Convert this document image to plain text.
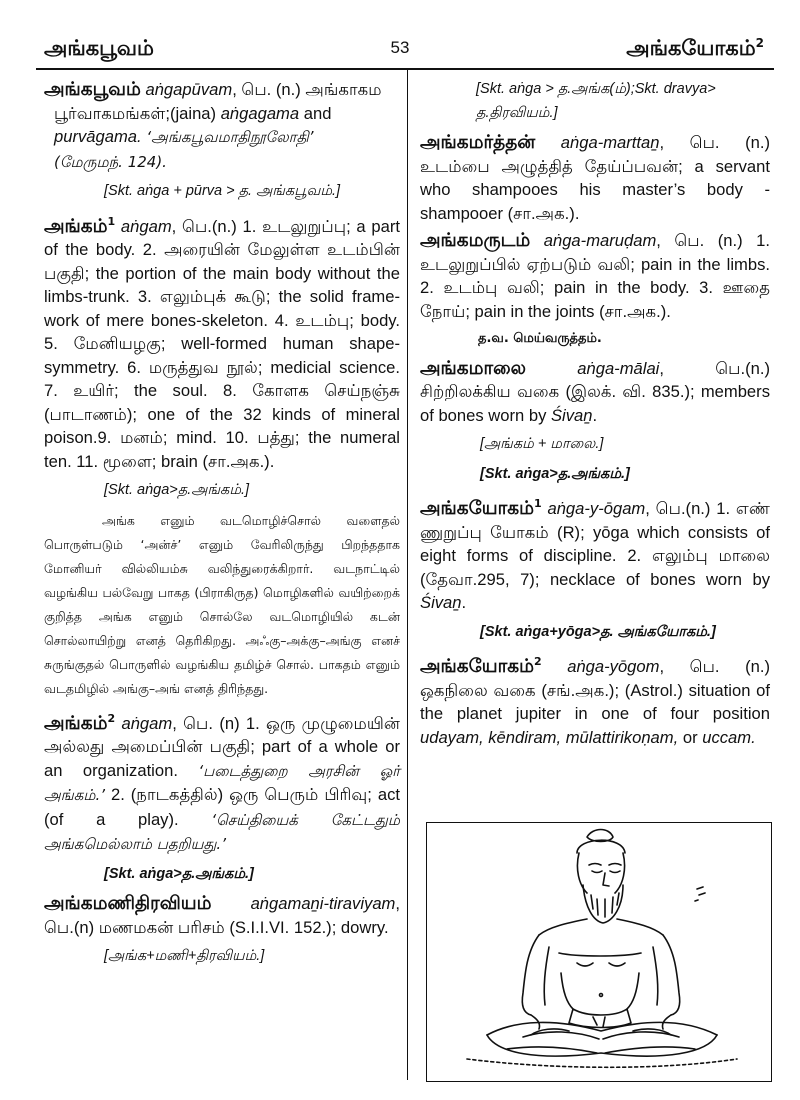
அங்கபூவம்	53	அங்கயோகம்$^2$
அங்கபூவம் aṅgapūvam, பெ. (n.) அங்காகம
பூர்வாகமங்கள்;(jaina) aṅgagama and
purvāgama. ‘அங்கபூவமாதிநூலோதி’
(மேருமந். 124).
[Skt. aṅga + pūrva > த. அங்கபூவம்.]
அங்கம்$^1$ aṅgam, பெ.(n.) 1. உடலுறுப்பு; a part of the body. 2. அரையின் மேலுள்ள உடம்பின் பகுதி; the portion of the main body without the limbs-trunk. 3. எலும்புக் கூடு; the solid frame-work of mere bones-skeleton. 4. உடம்பு; body. 5. மேனியழகு; well-formed human shape-symmetry. 6. மருத்துவ நூல்; medicial science. 7. உயிர்; the soul. 8. கோளக செய்நஞ்சு (பாடாணம்); one of the 32 kinds of mineral poison.9. மனம்; mind. 10. பத்து; the numeral ten. 11. மூளை; brain (சா.அக.).
[Skt. aṅga>த.அங்கம்.]
அங்க எனும் வடமொழிச்சொல் வளைதல் பொருள்படும் ‘அன்ச்’ எனும் வேரிலிருந்து பிறந்ததாக மோனியர் வில்லியம்சு வலிந்துரைக்கிறார். வடநாட்டில் வழங்கிய பல்வேறு பாகத (பிராகிருத) மொழிகளில் வயிற்றைக் குறித்த அங்க எனும் சொல்லே வடமொழியில் கடன் சொல்லாயிற்று எனத் தெரிகிறது. அஃகு–அக்கு–அங்கு எனச் சுருங்குதல் பொருளில் வழங்கிய தமிழ்ச் சொல். பாகதம் எனும் வடதமிழில் அங்கு–அங் எனத் திரிந்தது.
அங்கம்$^2$ aṅgam, பெ. (n) 1. ஒரு முழுமையின் அல்லது அமைப்பின் பகுதி; part of a whole or an organization. ‘படைத்துறை அரசின் ஓர் அங்கம்.’ 2. (நாடகத்தில்) ஒரு பெரும் பிரிவு; act (of a play). ‘செய்தியைக் கேட்டதும் அங்கமெல்லாம் பதறியது.’
[Skt. aṅga>த.அங்கம்.]
அங்கமணிதிரவியம் aṅgamaṉi-tiraviyam, பெ.(n) மணமகன் பரிசம் (S.I.I.VI. 152.); dowry.
[அங்க+மணி+திரவியம்.]
[Skt. aṅga > த.அங்க(ம்);Skt. dravya> த.திரவியம்.]
அங்கமர்த்தன் aṅga-marttaṉ, பெ. (n.) உடம்பை அழுத்தித் தேய்ப்பவன்; a servant who shampooes his master’s body - shampooer (சா.அக.).
அங்கமருடம் aṅga-maruḍam, பெ. (n.) 1. உடலுறுப்பில் ஏற்படும் வலி; pain in the limbs. 2. உடம்பு வலி; pain in the body. 3. ஊதை நோய்; pain in the joints (சா.அக.).
த.வ. மெய்வருத்தம்.
அங்கமாலை	aṅga-mālai, பெ.(n.) சிற்றிலக்கிய வகை (இலக். வி. 835.); members of bones worn by Śivaṉ.
[அங்கம் + மாலை.]
[Skt. aṅga>த.அங்கம்.]
அங்கயோகம்$^1$ aṅga-y-ōgam, பெ.(n.) 1. எண் ணுறுப்பு யோகம் (R); yōga which consists of eight forms of discipline. 2. எலும்பு மாலை (தேவா.295, 7); necklace of bones worn by Śivaṉ.
[Skt. aṅga+yōga>த. அங்கயோகம்.]
அங்கயோகம்$^2$ aṅga-yōgom, பெ. (n.) ஒகநிலை வகை (சங்.அக.); (Astrol.) situation of the planet jupiter in one of four position udayam, kēndiram, mūlattirikoṇam, or uccam.
